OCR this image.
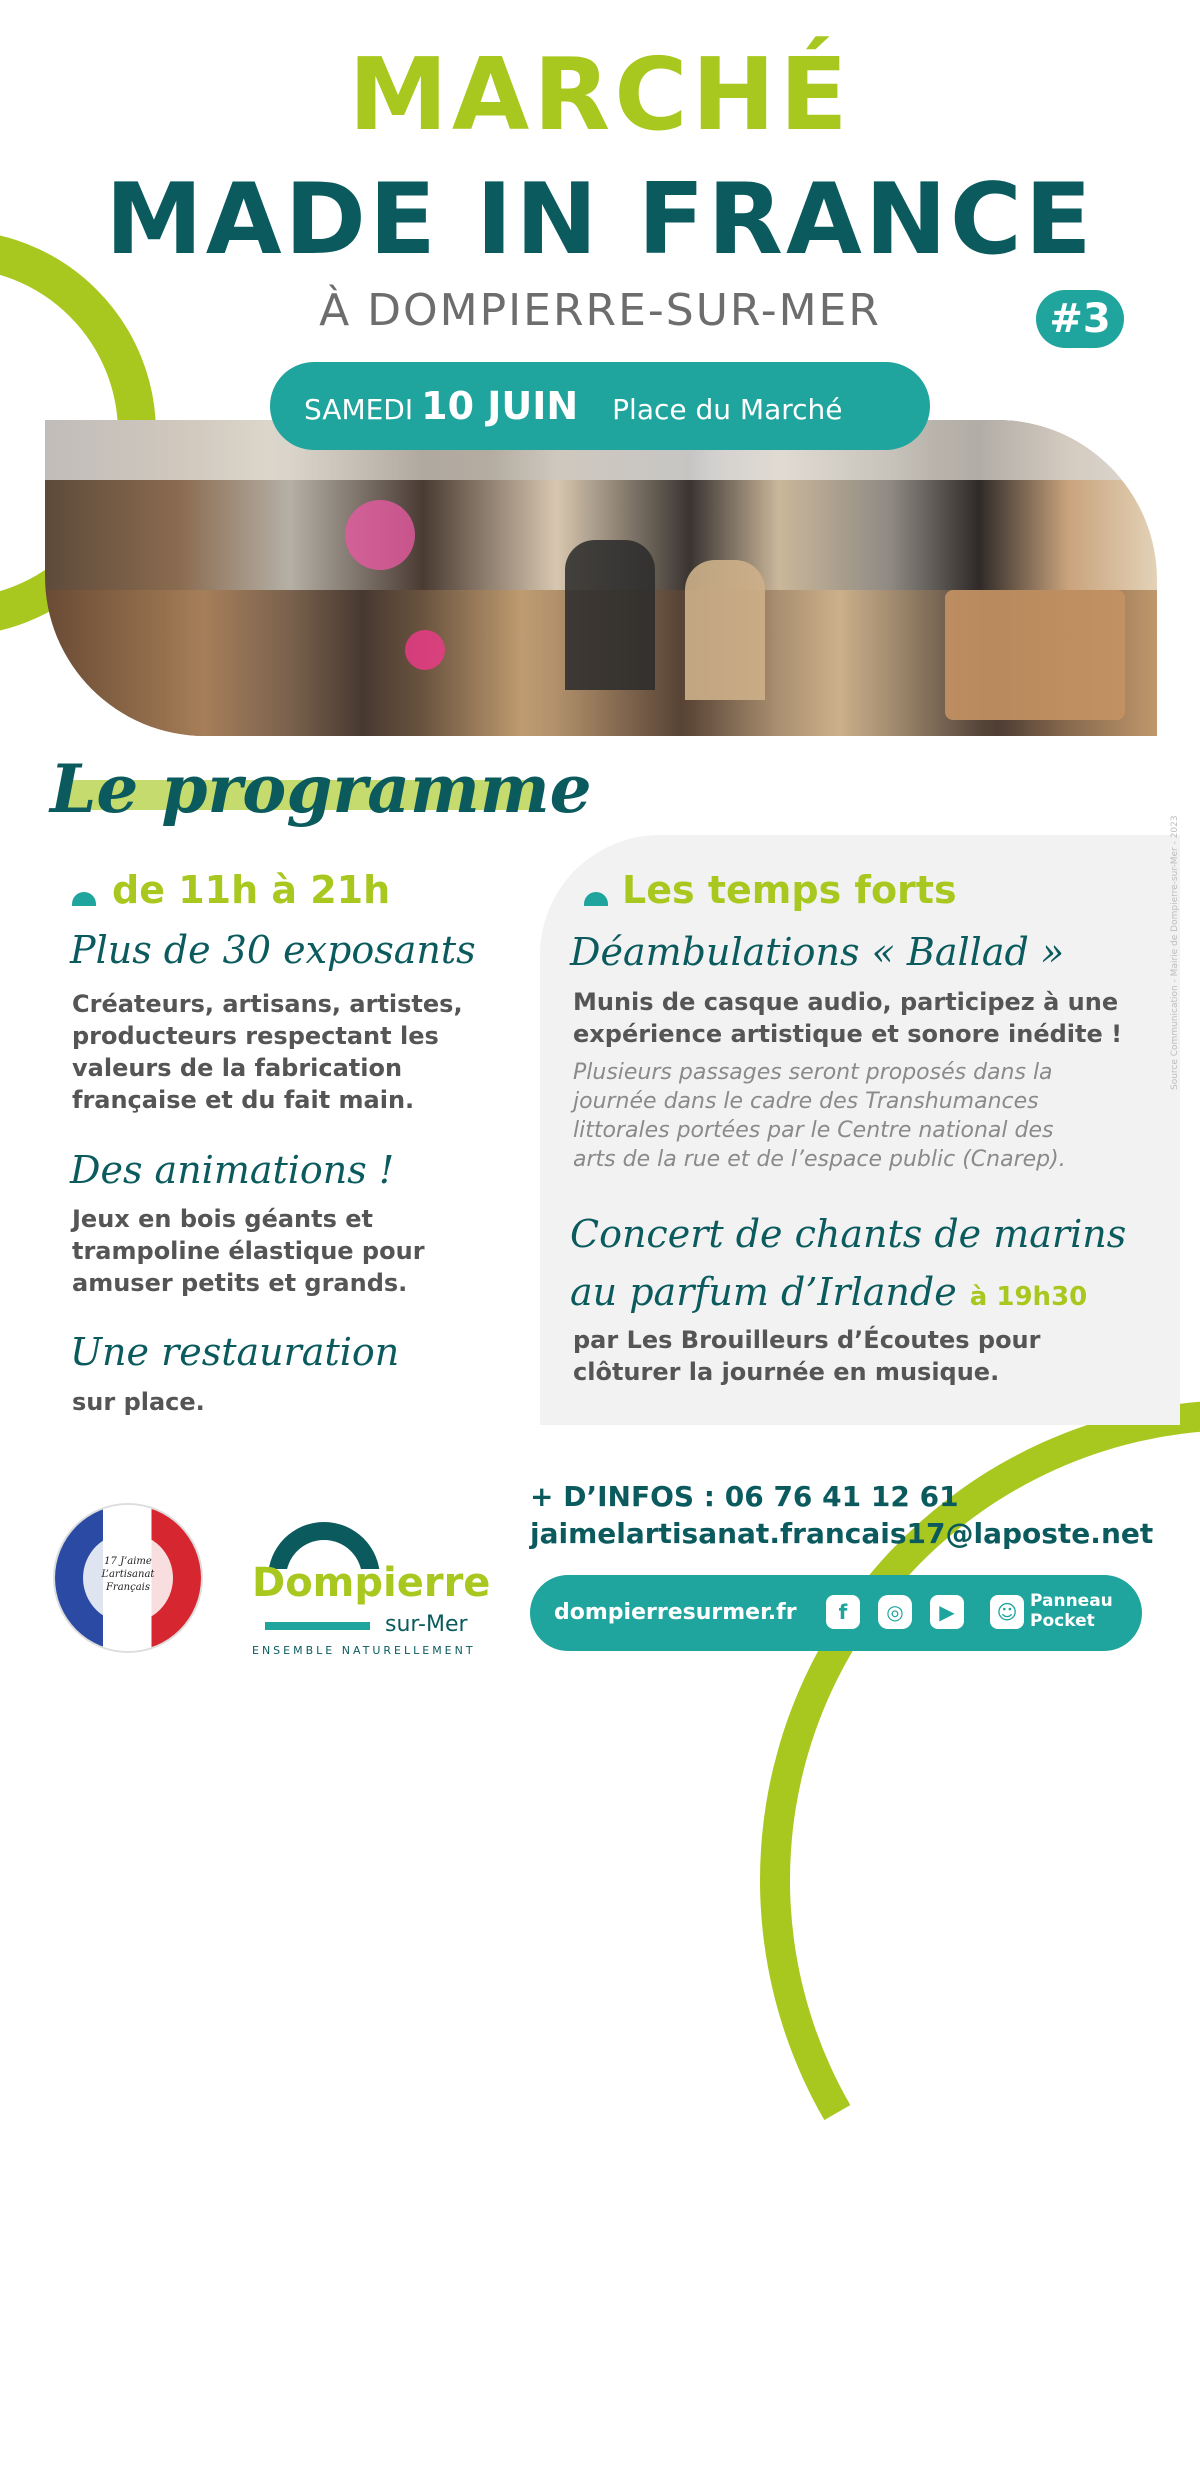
MARCHÉ
MADE IN FRANCE
À DOMPIERRE-SUR-MER	#3
SAMEDI 10 JUIN Place du Marché
Le programme
de 11h à 21h
Plus de 30 exposants
Créateurs, artisans, artistes,
producteurs respectant les
valeurs de la fabrication
française et du fait main.
Des animations !
Jeux en bois géants et
trampoline élastique pour
amuser petits et grands.
Une restauration
sur place.
Les temps forts
Déambulations « Ballad »
Munis de casque audio, participez à une
expérience artistique et sonore inédite !
Plusieurs passages seront proposés dans la
journée dans le cadre des Transhumances
littorales portées par le Centre national des
arts de la rue et de l’espace public (Cnarep).
Concert de chants de marins
au parfum d’Irlande à 19h30
par Les Brouilleurs d’Écoutes pour
clôturer la journée en musique.
+ D’INFOS : 06 76 41 12 61
jaimelartisanat.francais17@laposte.net
dompierresurmer.fr	f	◎	▶	☺ Panneau
Pocket
17 J’aime L’artisanat Français	Dompierre
sur-Mer
ENSEMBLE NATURELLEMENT
Source Communication - Mairie de Dompierre-sur-Mer - 2023
